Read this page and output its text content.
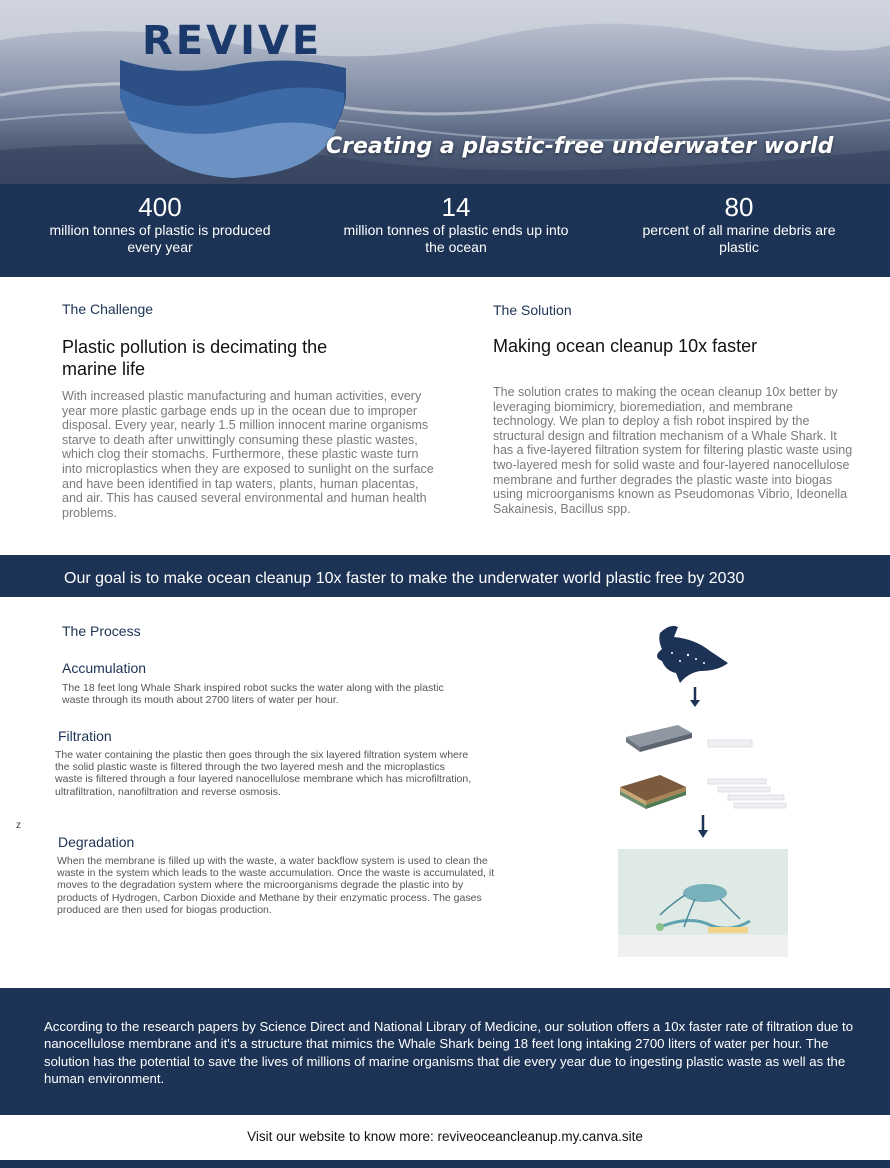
REVIVE
Creating a plastic-free underwater world
400
million tonnes of plastic is produced every year
14
million tonnes of plastic ends up into the ocean
80
percent of all marine debris are plastic
The Challenge
Plastic pollution is decimating the marine life
With increased plastic manufacturing and human activities, every year more plastic garbage ends up in the ocean due to improper disposal. Every year, nearly 1.5 million innocent marine organisms starve to death after unwittingly consuming these plastic wastes, which clog their stomachs. Furthermore, these plastic waste turn into microplastics when they are exposed to sunlight on the surface and have been identified in tap waters, plants, human placentas, and air. This has caused several environmental and human health problems.
The Solution
Making ocean cleanup 10x faster
The solution crates to making the ocean cleanup 10x better by leveraging biomimicry, bioremediation, and membrane technology. We plan to deploy a fish robot inspired by the structural design and filtration mechanism of a Whale Shark. It has a five-layered filtration system for filtering plastic waste using two-layered mesh for solid waste and four-layered nanocellulose membrane and further degrades the plastic waste into biogas using microorganisms known as Pseudomonas Vibrio, Ideonella Sakainesis, Bacillus spp.
Our goal is to make ocean cleanup 10x faster to make the underwater world plastic free by 2030
The Process
Accumulation
The 18 feet long Whale Shark inspired robot sucks the water along with the plastic waste through its mouth about 2700 liters of water per hour.
Filtration
The water containing the plastic then goes through the six layered filtration system where the solid plastic waste is filtered through the two layered mesh and the microplastics waste is filtered through a four layered nanocellulose membrane which has microfiltration, ultrafiltration, nanofiltration and reverse osmosis.
z
Degradation
When the membrane is filled up with the waste, a water backflow system is used to clean the waste in the system which leads to the waste accumulation. Once the waste is accumulated, it moves to the degradation system where the microorganisms degrade the plastic into by products of Hydrogen, Carbon Dioxide and Methane by their enzymatic process. The gases produced are then used for biogas production.

According to the research papers by Science Direct and National Library of Medicine, our solution offers a 10x faster rate of filtration due to nanocellulose membrane and it's a structure that mimics the Whale Shark being 18 feet long intaking 2700 liters of water per hour. The solution has the potential to save the lives of millions of marine organisms that die every year due to ingesting plastic waste as well as the human environment.

Visit our website to know more: reviveoceancleanup.my.canva.site
